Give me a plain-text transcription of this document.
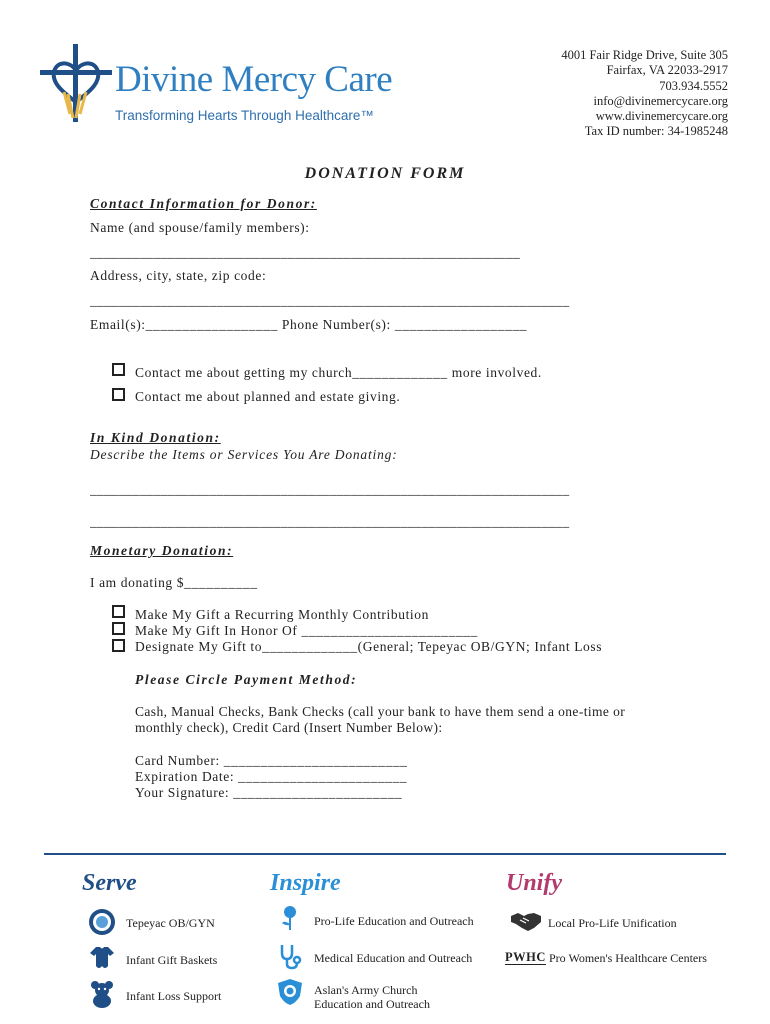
Divine Mercy Care
Transforming Hearts Through Healthcare™
4001 Fair Ridge Drive, Suite 305
Fairfax, VA 22033-2917
703.934.5552
info@divinemercycare.org
www.divinemercycare.org
Tax ID number: 34-1985248
DONATION FORM
Contact Information for Donor:
Name (and spouse/family members):
_____________________________________________________________
Address, city, state, zip code:
____________________________________________________________________
Email(s):__________________ Phone Number(s): __________________
Contact me about getting my church_____________ more involved.
Contact me about planned and estate giving.
In Kind Donation:
Describe the Items or Services You Are Donating:
____________________________________________________________________
____________________________________________________________________
Monetary Donation:
I am donating $__________
Make My Gift a Recurring Monthly Contribution
Make My Gift In Honor Of ________________________
Designate My Gift to_____________(General; Tepeyac OB/GYN; Infant Loss
Please Circle Payment Method:
Cash, Manual Checks, Bank Checks (call your bank to have them send a one-time or
monthly check), Credit Card (Insert Number Below):
Card Number: _________________________
Expiration Date: _______________________
Your Signature: _______________________
Serve	Inspire	Unify
Tepeyac OB/GYN
Infant Gift Baskets
Infant Loss Support
Pro-Life Education and Outreach
Medical Education and Outreach
Aslan's Army Church
Education and Outreach
Local Pro-Life Unification
PWHC Pro Women's Healthcare Centers
